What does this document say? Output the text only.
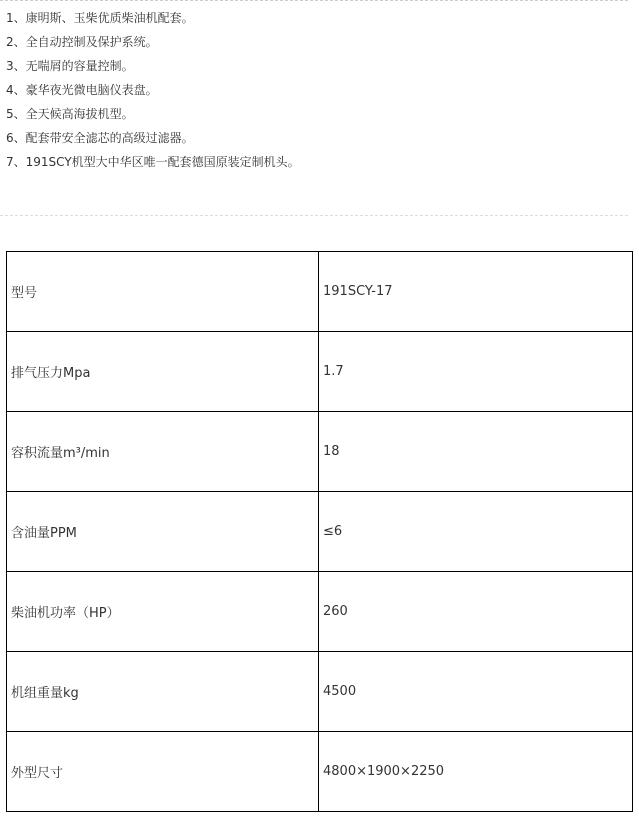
1、康明斯、玉柴优质柴油机配套。
2、全自动控制及保护系统。
3、无喘屑的容量控制。
4、豪华夜光微电脑仪表盘。
5、全天候高海拔机型。
6、配套带安全滤芯的高级过滤器。
7、191SCY机型大中华区唯一配套德国原装定制机头。
型号	191SCY-17
排气压力Mpa	1.7
容积流量m³/min	18
含油量PPM	≤6
柴油机功率（HP）	260
机组重量kg	4500
外型尺寸	4800×1900×2250
